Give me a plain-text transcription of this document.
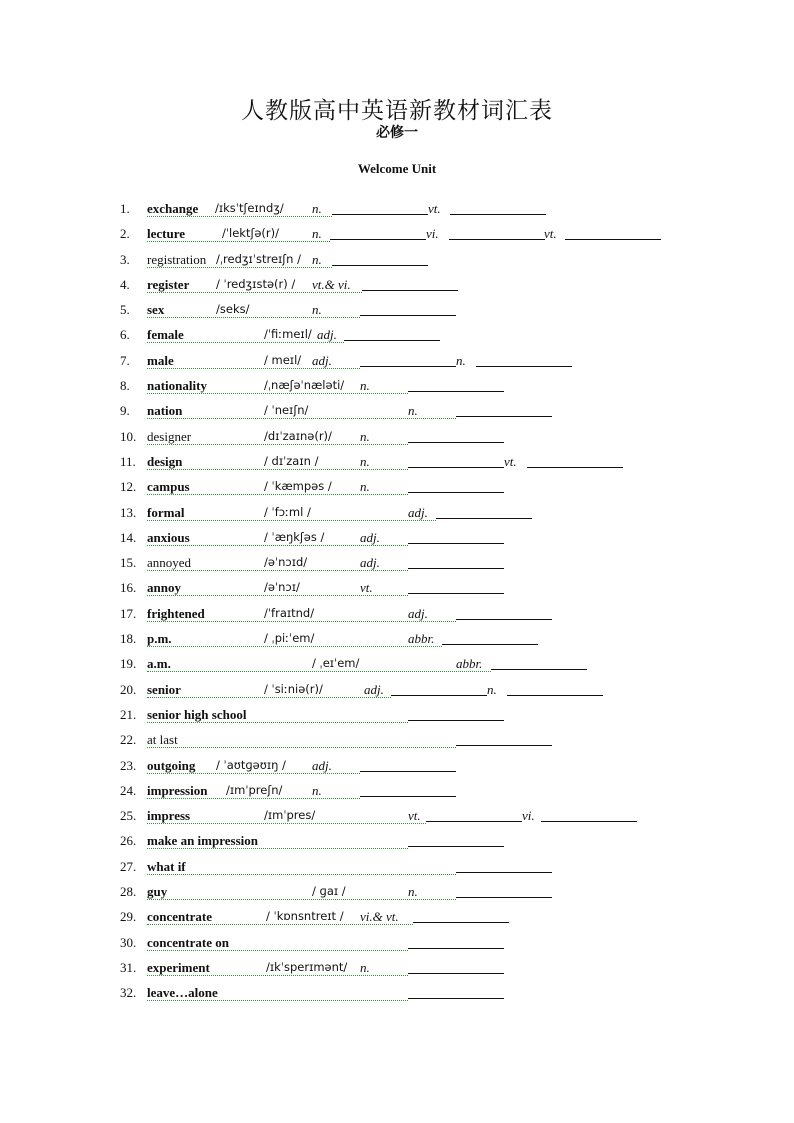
人教版高中英语新教材词汇表
必修一
Welcome Unit
1. exchange /ɪksˈtʃeɪndʒ/ n.	vt.
2. lecture	/ˈlektʃə(r)/	n.	vi.	vt.
3. registration /ˌredʒɪˈstreɪʃn / n.
4. register / ˈredʒɪstə(r) / vt.& vi.
5. sex	/seks/	n.
6. female	/ˈfiːmeɪl/ adj.
7. male	/ meɪl/ adj.	n.
8. nationality	/ˌnæʃəˈnæləti/ n.
9. nation	/ ˈneɪʃn/	n.
10. designer	/dɪˈzaɪnə(r)/ n.
11. design	/ dɪˈzaɪn /	n.	vt.
12. campus	/ ˈkæmpəs / n.
13. formal	/ ˈfɔːml /	adj.
14. anxious	/ ˈæŋkʃəs /	adj.
15. annoyed	/əˈnɔɪd/	adj.
16. annoy	/əˈnɔɪ/	vt.
17. frightened	/ˈfraɪtnd/	adj.
18. p.m.	/ ˌpiːˈem/	abbr.
19. a.m.	/ ˌeɪˈem/	abbr.
20. senior	/ ˈsiːniə(r)/	adj.	n.
21. senior high school
22. at last
23. outgoing / ˈaʊtɡəʊɪŋ / adj.
24. impression /ɪmˈpreʃn/ n.
25. impress	/ɪmˈpres/	vt.	vi.
26. make an impression
27. what if
28. guy	/ ɡaɪ /	n.
29. concentrate	/ ˈkɒnsntreɪt / vi.& vt.
30. concentrate on
31. experiment	/ɪkˈsperɪmənt/ n.
32. leave…alone
